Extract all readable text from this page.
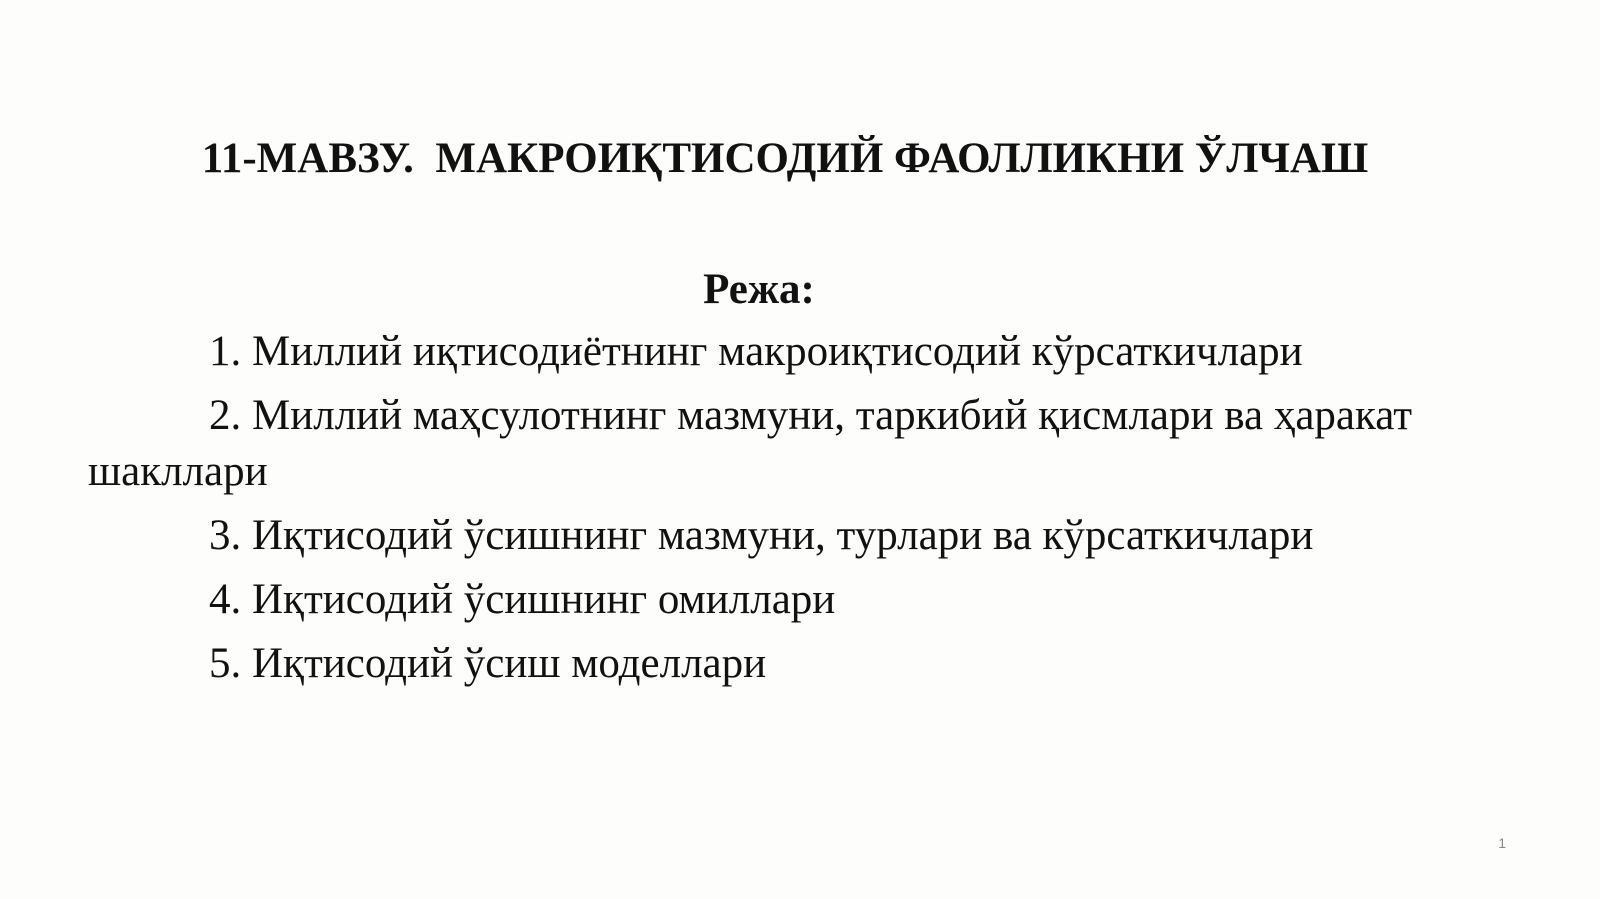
11-МАВЗУ.  МАКРОИҚТИСОДИЙ ФАОЛЛИКНИ ЎЛЧАШ
Режа:
1. Миллий иқтисодиётнинг макроиқтисодий кўрсаткичлари
2. Миллий маҳсулотнинг мазмуни, таркибий қисмлари ва ҳаракат шакллари
3. Иқтисодий ўсишнинг мазмуни, турлари ва кўрсаткичлари
4. Иқтисодий ўсишнинг омиллари
5. Иқтисодий ўсиш моделлари
1
